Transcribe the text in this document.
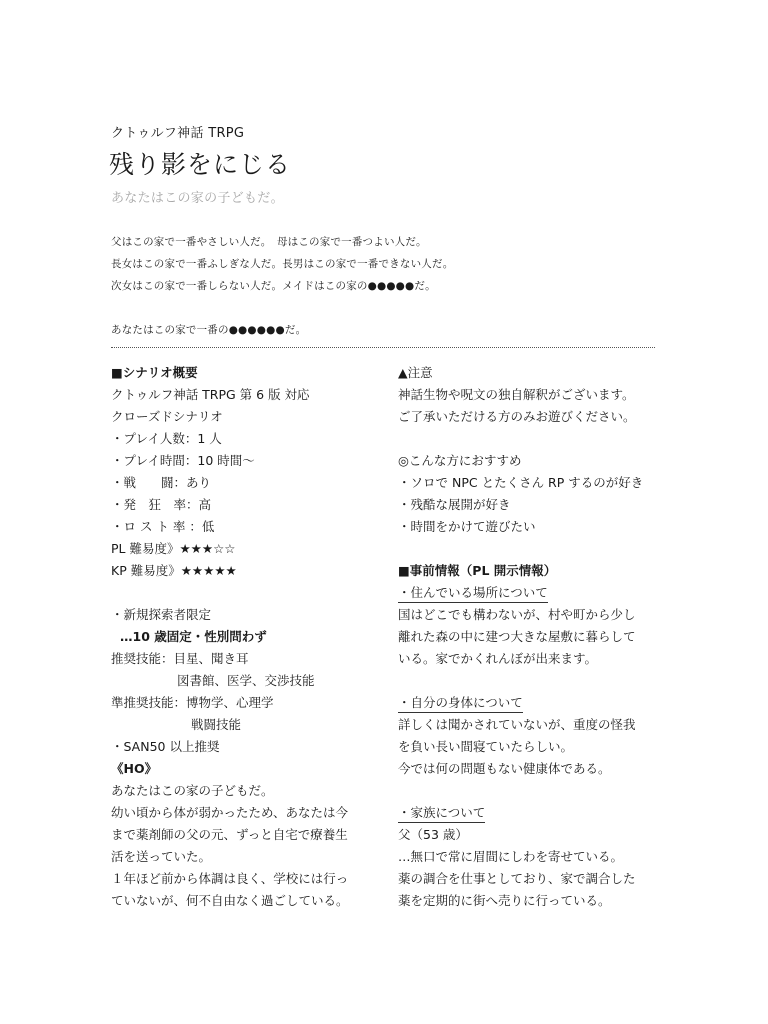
クトゥルフ神話 TRPG
残り影をにじる
あなたはこの家の子どもだ。
父はこの家で一番やさしい人だ。　母はこの家で一番つよい人だ。
長女はこの家で一番ふしぎな人だ。長男はこの家で一番できない人だ。
次女はこの家で一番しらない人だ。メイドはこの家の●●●●●だ。
あなたはこの家で一番の●●●●●●だ。
■シナリオ概要
クトゥルフ神話 TRPG 第 6 版 対応
クローズドシナリオ
・プレイ人数：1 人
・プレイ時間：10 時間～
・戦　　闘：あり
・発　狂　率：高
・ロ ス ト 率 ：低
PL 難易度》★★★☆☆
KP 難易度》★★★★★
・新規探索者限定
…10 歳固定・性別問わず
推奨技能：目星、聞き耳
図書館、医学、交渉技能
準推奨技能：博物学、心理学
戦闘技能
・SAN50 以上推奨
《HO》
あなたはこの家の子どもだ。
幼い頃から体が弱かったため、あなたは今
まで薬剤師の父の元、ずっと自宅で療養生
活を送っていた。
１年ほど前から体調は良く、学校には行っ
ていないが、何不自由なく過ごしている。
▲注意
神話生物や呪文の独自解釈がございます。
ご了承いただける方のみお遊びください。
◎こんな方におすすめ
・ソロで NPC とたくさん RP するのが好き
・残酷な展開が好き
・時間をかけて遊びたい
■事前情報（PL 開示情報）
・住んでいる場所について
国はどこでも構わないが、村や町から少し
離れた森の中に建つ大きな屋敷に暮らして
いる。家でかくれんぼが出来ます。
・自分の身体について
詳しくは聞かされていないが、重度の怪我
を負い長い間寝ていたらしい。
今では何の問題もない健康体である。
・家族について
父（53 歳）
…無口で常に眉間にしわを寄せている。
薬の調合を仕事としており、家で調合した
薬を定期的に街へ売りに行っている。
